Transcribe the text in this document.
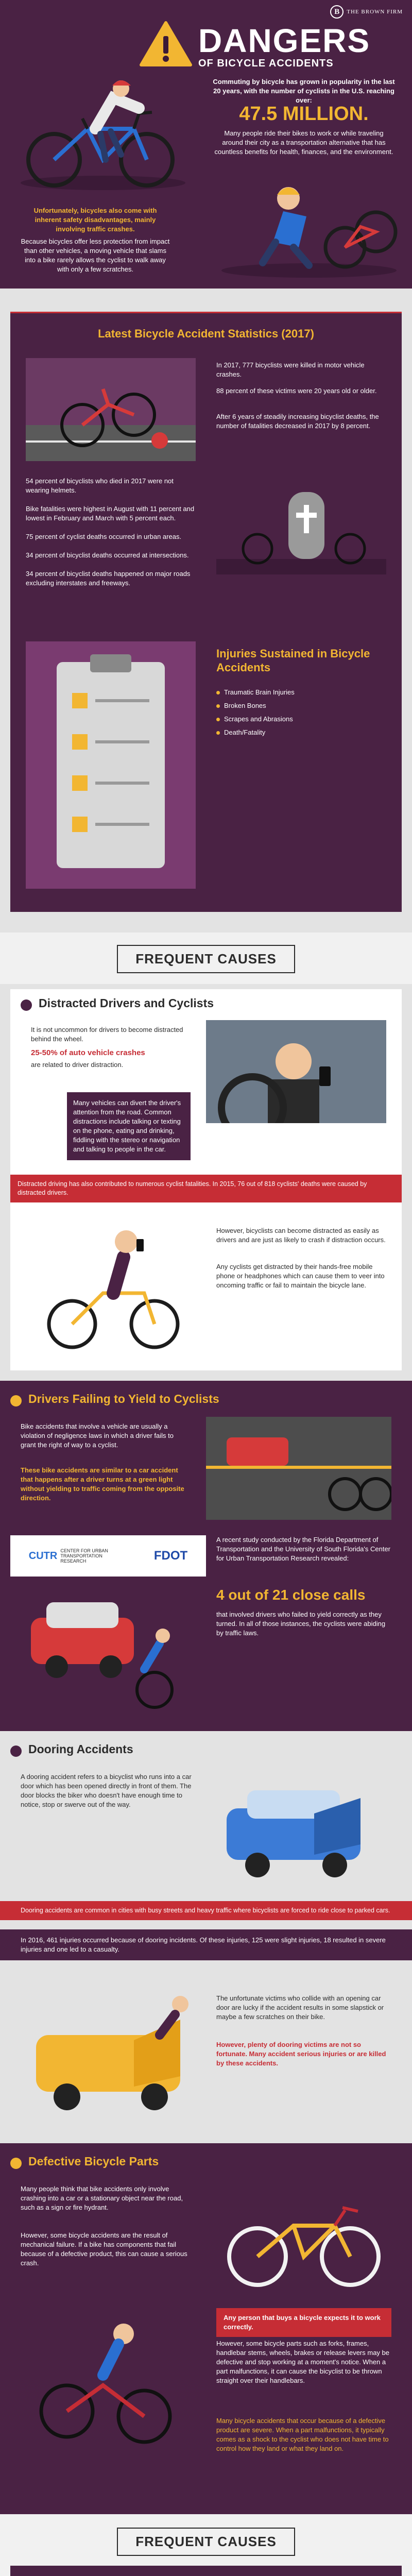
B	THE BROWN FIRM
DANGERS
OF BICYCLE ACCIDENTS
Commuting by bicycle has grown in popularity in the last 20 years, with the number of cyclists in the U.S. reaching over:
47.5 MILLION.
Many people ride their bikes to work or while traveling around their city as a transportation alternative that has countless benefits for health, finances, and the environment.
Unfortunately, bicycles also come with inherent safety disadvantages, mainly involving traffic crashes.
Because bicycles offer less protection from impact than other vehicles, a moving vehicle that slams into a bike rarely allows the cyclist to walk away with only a few scratches.
Latest Bicycle Accident Statistics (2017)
In 2017, 777 bicyclists were killed in motor vehicle crashes.
88 percent of these victims were 20 years old or older.
After 6 years of steadily increasing bicyclist deaths, the number of fatalities decreased in 2017 by 8 percent.
54 percent of bicyclists who died in 2017 were not wearing helmets.
Bike fatalities were highest in August with 11 percent and lowest in February and March with 5 percent each.
75 percent of cyclist deaths occurred in urban areas.
34 percent of bicyclist deaths occurred at intersections.
34 percent of bicyclist deaths happened on major roads excluding interstates and freeways.
Injuries Sustained in Bicycle Accidents
Traumatic Brain Injuries
Broken Bones
Scrapes and Abrasions
Death/Fatality
FREQUENT CAUSES
Distracted Drivers and Cyclists
It is not uncommon for drivers to become distracted behind the wheel.
25-50% of auto vehicle crashes
are related to driver distraction.
Many vehicles can divert the driver's attention from the road. Common distractions include talking or texting on the phone, eating and drinking, fiddling with the stereo or navigation and talking to people in the car.
Distracted driving has also contributed to numerous cyclist fatalities. In 2015, 76 out of 818 cyclists' deaths were caused by distracted drivers.
However, bicyclists can become distracted as easily as drivers and are just as likely to crash if distraction occurs.
Any cyclists get distracted by their hands-free mobile phone or headphones which can cause them to veer into oncoming traffic or fail to maintain the bicycle lane.
Drivers Failing to Yield to Cyclists
Bike accidents that involve a vehicle are usually a violation of negligence laws in which a driver fails to grant the right of way to a cyclist.
These bike accidents are similar to a car accident that happens after a driver turns at a green light without yielding to traffic coming from the opposite direction.
CUTR CENTER FOR URBAN TRANSPORTATION RESEARCH	FDOT
A recent study conducted by the Florida Department of Transportation and the University of South Florida's Center for Urban Transportation Research revealed:
4 out of 21 close calls
that involved drivers who failed to yield correctly as they turned. In all of those instances, the cyclists were abiding by traffic laws.
Dooring Accidents
A dooring accident refers to a bicyclist who runs into a car door which has been opened directly in front of them. The door blocks the biker who doesn't have enough time to notice, stop or swerve out of the way.
Dooring accidents are common in cities with busy streets and heavy traffic where bicyclists are forced to ride close to parked cars.
In 2016, 461 injuries occurred because of dooring incidents. Of these injuries, 125 were slight injuries, 18 resulted in severe injuries and one led to a casualty.
The unfortunate victims who collide with an opening car door are lucky if the accident results in some slapstick or maybe a few scratches on their bike.
However, plenty of dooring victims are not so fortunate. Many accident serious injuries or are killed by these accidents.
Defective Bicycle Parts
Many people think that bike accidents only involve crashing into a car or a stationary object near the road, such as a sign or fire hydrant.
However, some bicycle accidents are the result of mechanical failure. If a bike has components that fail because of a defective product, this can cause a serious crash.
Any person that buys a bicycle expects it to work correctly.
However, some bicycle parts such as forks, frames, handlebar stems, wheels, brakes or release levers may be defective and stop working at a moment's notice. When a part malfunctions, it can cause the bicyclist to be thrown straight over their handlebars.
Many bicycle accidents that occur because of a defective product are severe. When a part malfunctions, it typically comes as a shock to the cyclist who does not have time to control how they land or what they land on.
FREQUENT CAUSES
